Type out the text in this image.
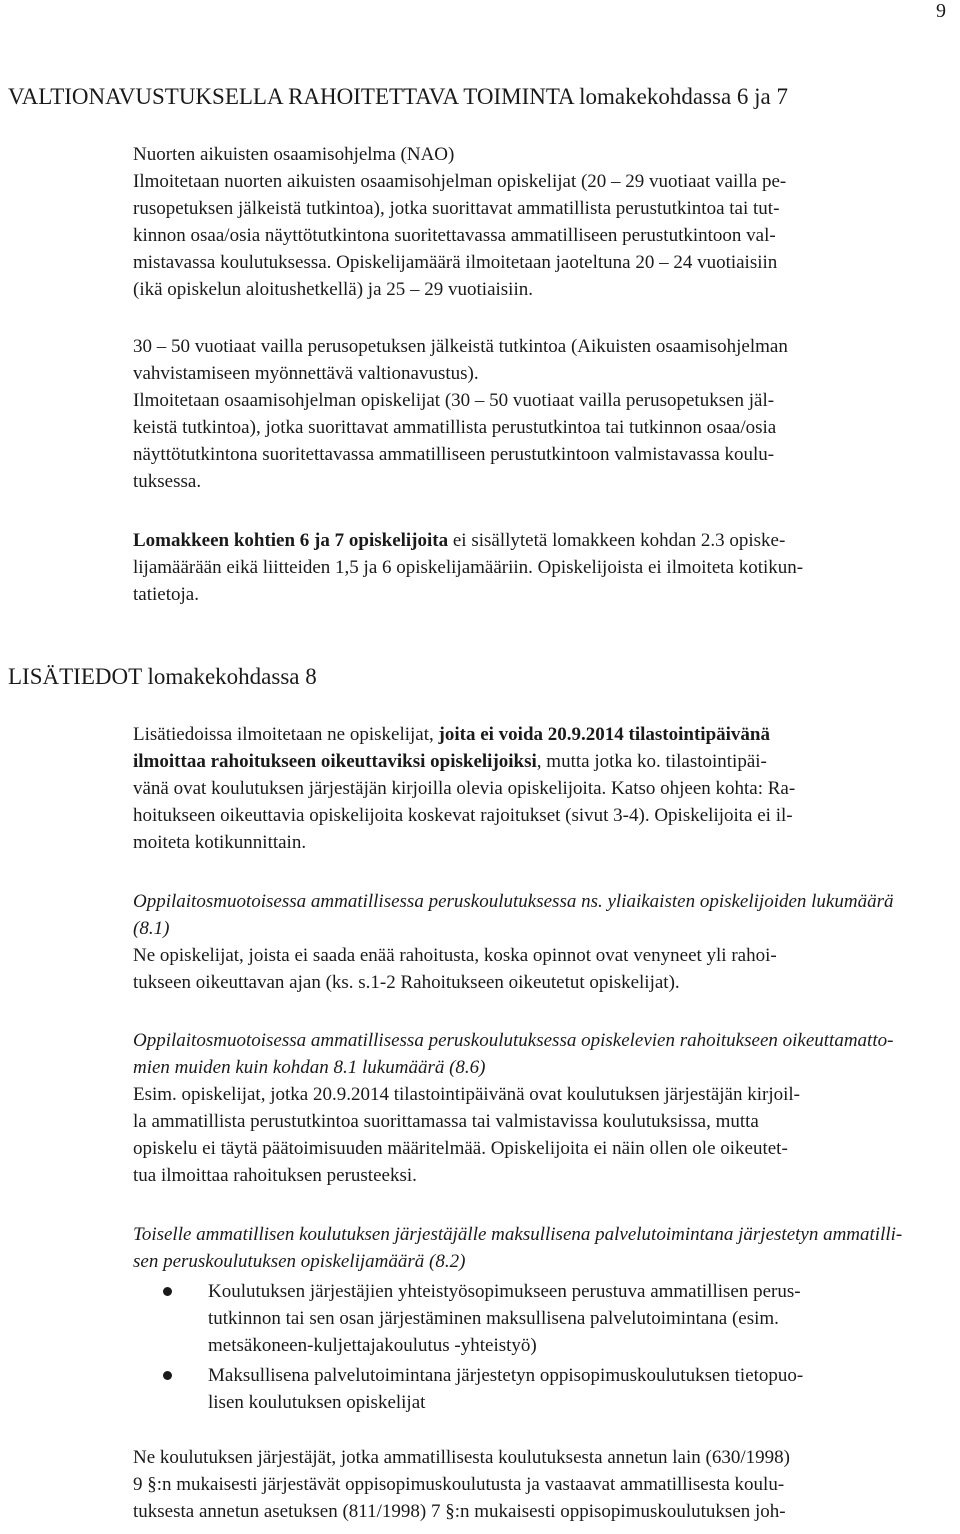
9
VALTIONAVUSTUKSELLA RAHOITETTAVA TOIMINTA lomakekohdassa 6 ja 7

Nuorten aikuisten osaamisohjelma (NAO)
Ilmoitetaan nuorten aikuisten osaamisohjelman opiskelijat (20 – 29 vuotiaat vailla pe-
rusopetuksen jälkeistä tutkintoa), jotka suorittavat ammatillista perustutkintoa tai tut-
kinnon osaa/osia näyttötutkintona suoritettavassa ammatilliseen perustutkintoon val-
mistavassa koulutuksessa. Opiskelijamäärä ilmoitetaan jaoteltuna 20 – 24 vuotiaisiin
(ikä opiskelun aloitushetkellä) ja 25 – 29 vuotiaisiin.

30 – 50 vuotiaat vailla perusopetuksen jälkeistä tutkintoa (Aikuisten osaamisohjelman
vahvistamiseen myönnettävä valtionavustus).
Ilmoitetaan osaamisohjelman opiskelijat (30 – 50 vuotiaat vailla perusopetuksen jäl-
keistä tutkintoa), jotka suorittavat ammatillista perustutkintoa tai tutkinnon osaa/osia
näyttötutkintona suoritettavassa ammatilliseen perustutkintoon valmistavassa koulu-
tuksessa.

Lomakkeen kohtien 6 ja 7 opiskelijoita ei sisällytetä lomakkeen kohdan 2.3 opiske-
lijamäärään eikä liitteiden 1,5 ja 6 opiskelijamääriin. Opiskelijoista ei ilmoiteta kotikun-
tatietoja.

LISÄTIEDOT lomakekohdassa 8

Lisätiedoissa ilmoitetaan ne opiskelijat, joita ei voida 20.9.2014 tilastointipäivänä
ilmoittaa rahoitukseen oikeuttaviksi opiskelijoiksi, mutta jotka ko. tilastointipäi-
vänä ovat koulutuksen järjestäjän kirjoilla olevia opiskelijoita. Katso ohjeen kohta: Ra-
hoitukseen oikeuttavia opiskelijoita koskevat rajoitukset (sivut 3-4). Opiskelijoita ei il-
moiteta kotikunnittain.

Oppilaitosmuotoisessa ammatillisessa peruskoulutuksessa ns. yliaikaisten opiskelijoiden lukumäärä
(8.1)
Ne opiskelijat, joista ei saada enää rahoitusta, koska opinnot ovat venyneet yli rahoi-
tukseen oikeuttavan ajan (ks. s.1-2 Rahoitukseen oikeutetut opiskelijat).

Oppilaitosmuotoisessa ammatillisessa peruskoulutuksessa opiskelevien rahoitukseen oikeuttamatto-
mien muiden kuin kohdan 8.1 lukumäärä (8.6)
Esim. opiskelijat, jotka 20.9.2014 tilastointipäivänä ovat koulutuksen järjestäjän kirjoil-
la ammatillista perustutkintoa suorittamassa tai valmistavissa koulutuksissa, mutta
opiskelu ei täytä päätoimisuuden määritelmää. Opiskelijoita ei näin ollen ole oikeutet-
tua ilmoittaa rahoituksen perusteeksi.

Toiselle ammatillisen koulutuksen järjestäjälle maksullisena palvelutoimintana järjestetyn ammatilli-
sen peruskoulutuksen opiskelijamäärä (8.2)

Koulutuksen järjestäjien yhteistyösopimukseen perustuva ammatillisen perus-
tutkinnon tai sen osan järjestäminen maksullisena palvelutoimintana (esim.
metsäkoneen-kuljettajakoulutus -yhteistyö)
Maksullisena palvelutoimintana järjestetyn oppisopimuskoulutuksen tietopuo-
lisen koulutuksen opiskelijat

Ne koulutuksen järjestäjät, jotka ammatillisesta koulutuksesta annetun lain (630/1998)
9 §:n mukaisesti järjestävät oppisopimuskoulutusta ja vastaavat ammatillisesta koulu-
tuksesta annetun asetuksen (811/1998) 7 §:n mukaisesti oppisopimuskoulutuksen joh-
